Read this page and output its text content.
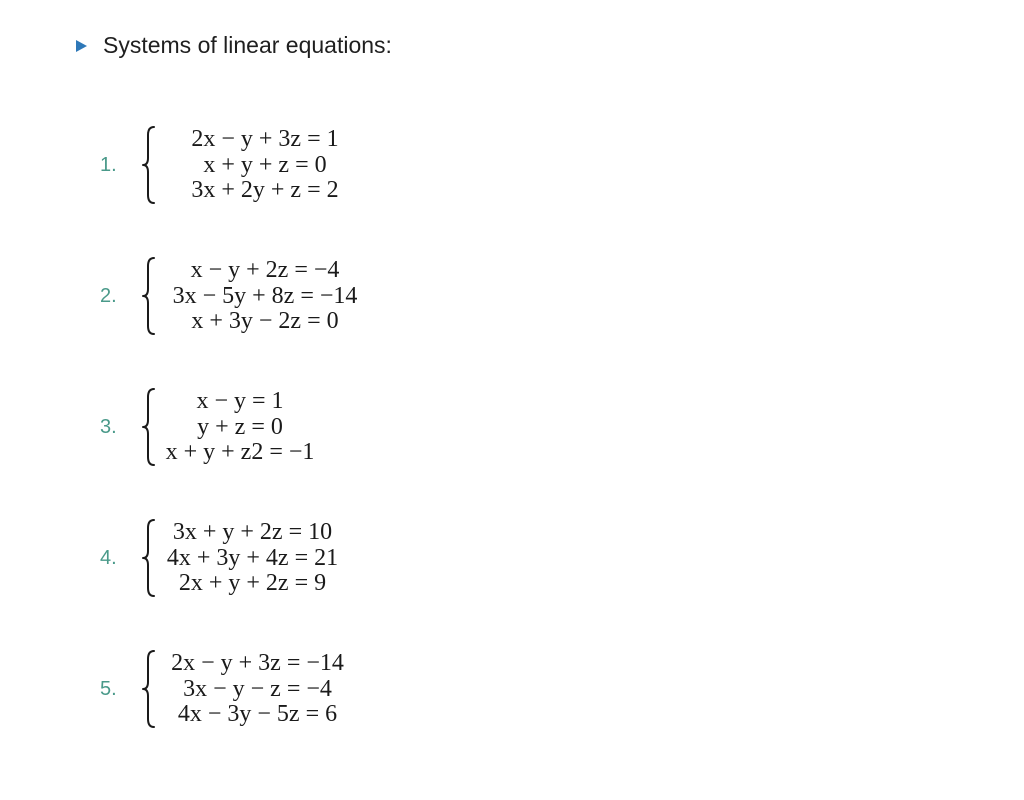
Systems of linear equations:
1.
2x − y + 3z = 1
x + y + z = 0
3x + 2y + z = 2
2.
x − y + 2z = −4
3x − 5y + 8z = −14
x + 3y − 2z = 0
3.
x − y = 1
y + z = 0
x + y + z2 = −1
4.
3x + y + 2z = 10
4x + 3y + 4z = 21
2x + y + 2z = 9
5.
2x − y + 3z = −14
3x − y − z = −4
4x − 3y − 5z = 6
